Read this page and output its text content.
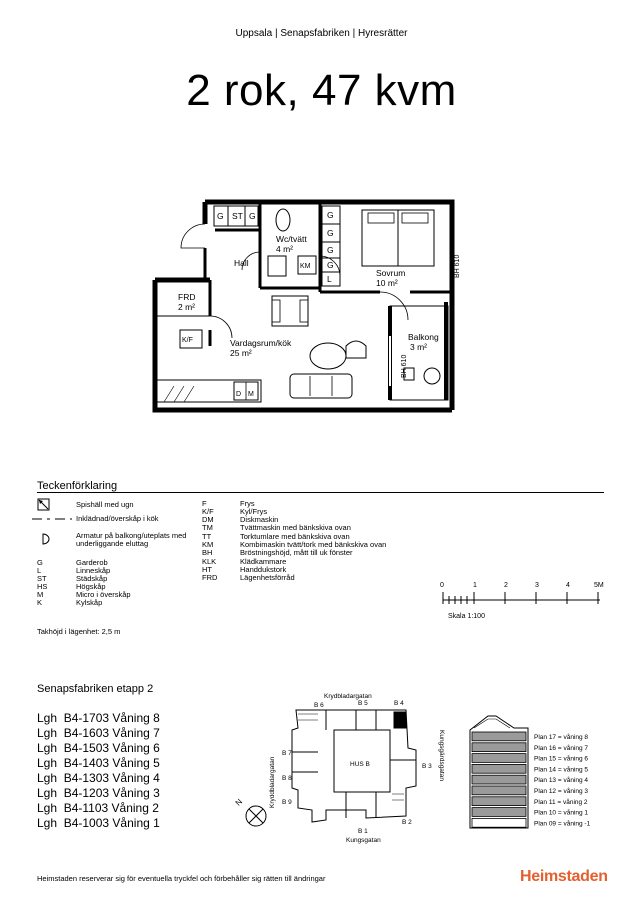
Uppsala | Senapsfabriken | Hyresrätter
2 rok, 47 kvm
G ST G	G
G
G
G
L
KM
K/F
D M
Wc/tvätt
4 m²
Hall
FRD
2 m²
Sovrum
10 m²
Vardagsrum/kök
25 m²
Balkong
3 m²
BH 610
BH 610
Teckenförklaring
Spishäll med ugn
Inklädnad/överskåp i kök
Armatur på balkong/uteplats med underliggande eluttag
G	Garderob
L	Linneskåp
ST	Städskåp
HS	Högskåp
M	Micro i överskåp
K	Kylskåp
F	Frys
K/F	Kyl/Frys
DM	Diskmaskin
TM	Tvättmaskin med bänkskiva ovan
TT	Torktumlare med bänkskiva ovan
KM	Kombimaskin tvätt/tork med bänkskiva ovan
BH	Bröstningshöjd, mått till uk fönster
KLK	Klädkammare
HT	Handdukstork
FRD	Lägenhetsförråd
Takhöjd i lägenhet: 2,5 m
0	1	2	3	4	5M
Skala 1:100
Senapsfabriken etapp 2
Lgh B4-1703 Våning 8
Lgh B4-1603 Våning 7
Lgh B4-1503 Våning 6
Lgh B4-1403 Våning 5
Lgh B4-1303 Våning 4
Lgh B4-1203 Våning 3
Lgh B4-1103 Våning 2
Lgh B4-1003 Våning 1
Krydbladargatan
Kungsgatan
Kryddbladargatan
Kungsgärdsgatan
HUS B
B 1
B 2
B 3
B 4
B 5
B 6
B 7
B 8
B 9
N
Plan 17 = våning 8
Plan 16 = våning 7
Plan 15 = våning 6
Plan 14 = våning 5
Plan 13 = våning 4
Plan 12 = våning 3
Plan 11 = våning 2
Plan 10 = våning 1
Plan 09 = våning -1
Heimstaden reserverar sig för eventuella tryckfel och förbehåller sig rätten till ändringar	Heimstaden
